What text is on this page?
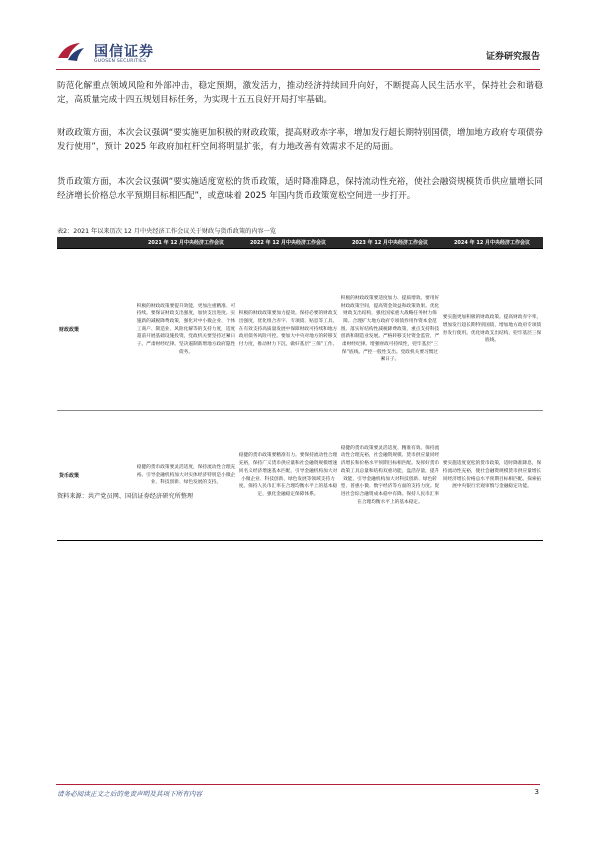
国信证券
GUOSEN SECURITIES	证券研究报告

防范化解重点领域风险和外部冲击，稳定预期，激发活力，推动经济持续回升向好，不断提高人民生活水平，保持社会和谐稳定，高质量完成十四五规划目标任务，为实现十五五良好开局打牢基础。

财政政策方面，本次会议强调“要实施更加积极的财政政策，提高财政赤字率，增加发行超长期特别国债，增加地方政府专项债券发行使用”，预计 2025 年政府加杠杆空间将明显扩张，有力地改善有效需求不足的局面。

货币政策方面，本次会议强调“要实施适度宽松的货币政策，适时降准降息，保持流动性充裕，使社会融资规模货币供应量增长同经济增长价格总水平预期目标相匹配”，或意味着 2025 年国内货币政策宽松空间进一步打开。

表2：2021 年以来历次 12 月中央经济工作会议关于财政与货币政策的内容一览
	2021 年 12 月中央经济工作会议	2022 年 12 月中央经济工作会议	2023 年 12 月中央经济工作会议	2024 年 12 月中央经济工作会议
财政政策	积极的财政政策要提升效能，更加注重精准、可持续。要保证财政支出强度，加快支出进度。实施新的减税降费政策，强化对中小微企业、个体工商户、制造业、风险化解等的支持力度，适度超前开展基础设施投资。党政机关要坚持过紧日子。严肃财经纪律。坚决遏制新增地方政府隐性债务。	积极的财政政策要加力提效。保持必要的财政支出强度，优化组合赤字、专项债、贴息等工具，在有效支持高质量发展中保障财政可持续和地方政府债务风险可控。要加大中央对地方的转移支付力度，推动财力下沉，做好基层“三保”工作。	积极的财政政策要适度加力、提质增效。要用好财政政策空间，提高资金效益和政策效果。优化财政支出结构，强化国家重大战略任务财力保障。合理扩大地方政府专项债券用作资本金范围。落实好结构性减税降费政策，重点支持科技创新和制造业发展。严格转移支付资金监管，严肃财经纪律。增强财政可持续性，兜牢基层“三保”底线。严控一般性支出。党政机关要习惯过紧日子。	要实施更加积极的财政政策。提高财政赤字率，增加发行超长期特别国债，增加地方政府专项债券发行使用。优化财政支出结构，兜牢基层三保底线。
货币政策	稳健的货币政策要灵活适度，保持流动性合理充裕。引导金融机构加大对实体经济特别是小微企业、科技创新、绿色发展的支持。	稳健的货币政策要精准有力。要保持流动性合理充裕，保持广义货币供应量和社会融资规模增速同名义经济增速基本匹配，引导金融机构加大对小微企业、科技创新、绿色发展等领域支持力度。保持人民币汇率在合理均衡水平上的基本稳定，强化金融稳定保障体系。	稳健的货币政策要灵活适度、精准有效。保持流动性合理充裕，社会融资规模、货币供应量同经济增长和价格水平预期目标相匹配。发挥好货币政策工具总量和结构双重功能，盘活存量，提升效能，引导金融机构加大对科技创新、绿色转型、普惠小微、数字经济等方面的支持力度。促进社会综合融资成本稳中有降。保持人民币汇率在合理均衡水平上的基本稳定。	要实施适度宽松的货币政策，适时降准降息，保持流动性充裕，使社会融资规模货币供应量增长同经济增长价格总水平预期目标相匹配。探索拓展中央银行宏观审慎与金融稳定功能。
资料来源：共产党员网、国信证券经济研究所整理
请务必阅读正文之后的免责声明及其项下所有内容	3
